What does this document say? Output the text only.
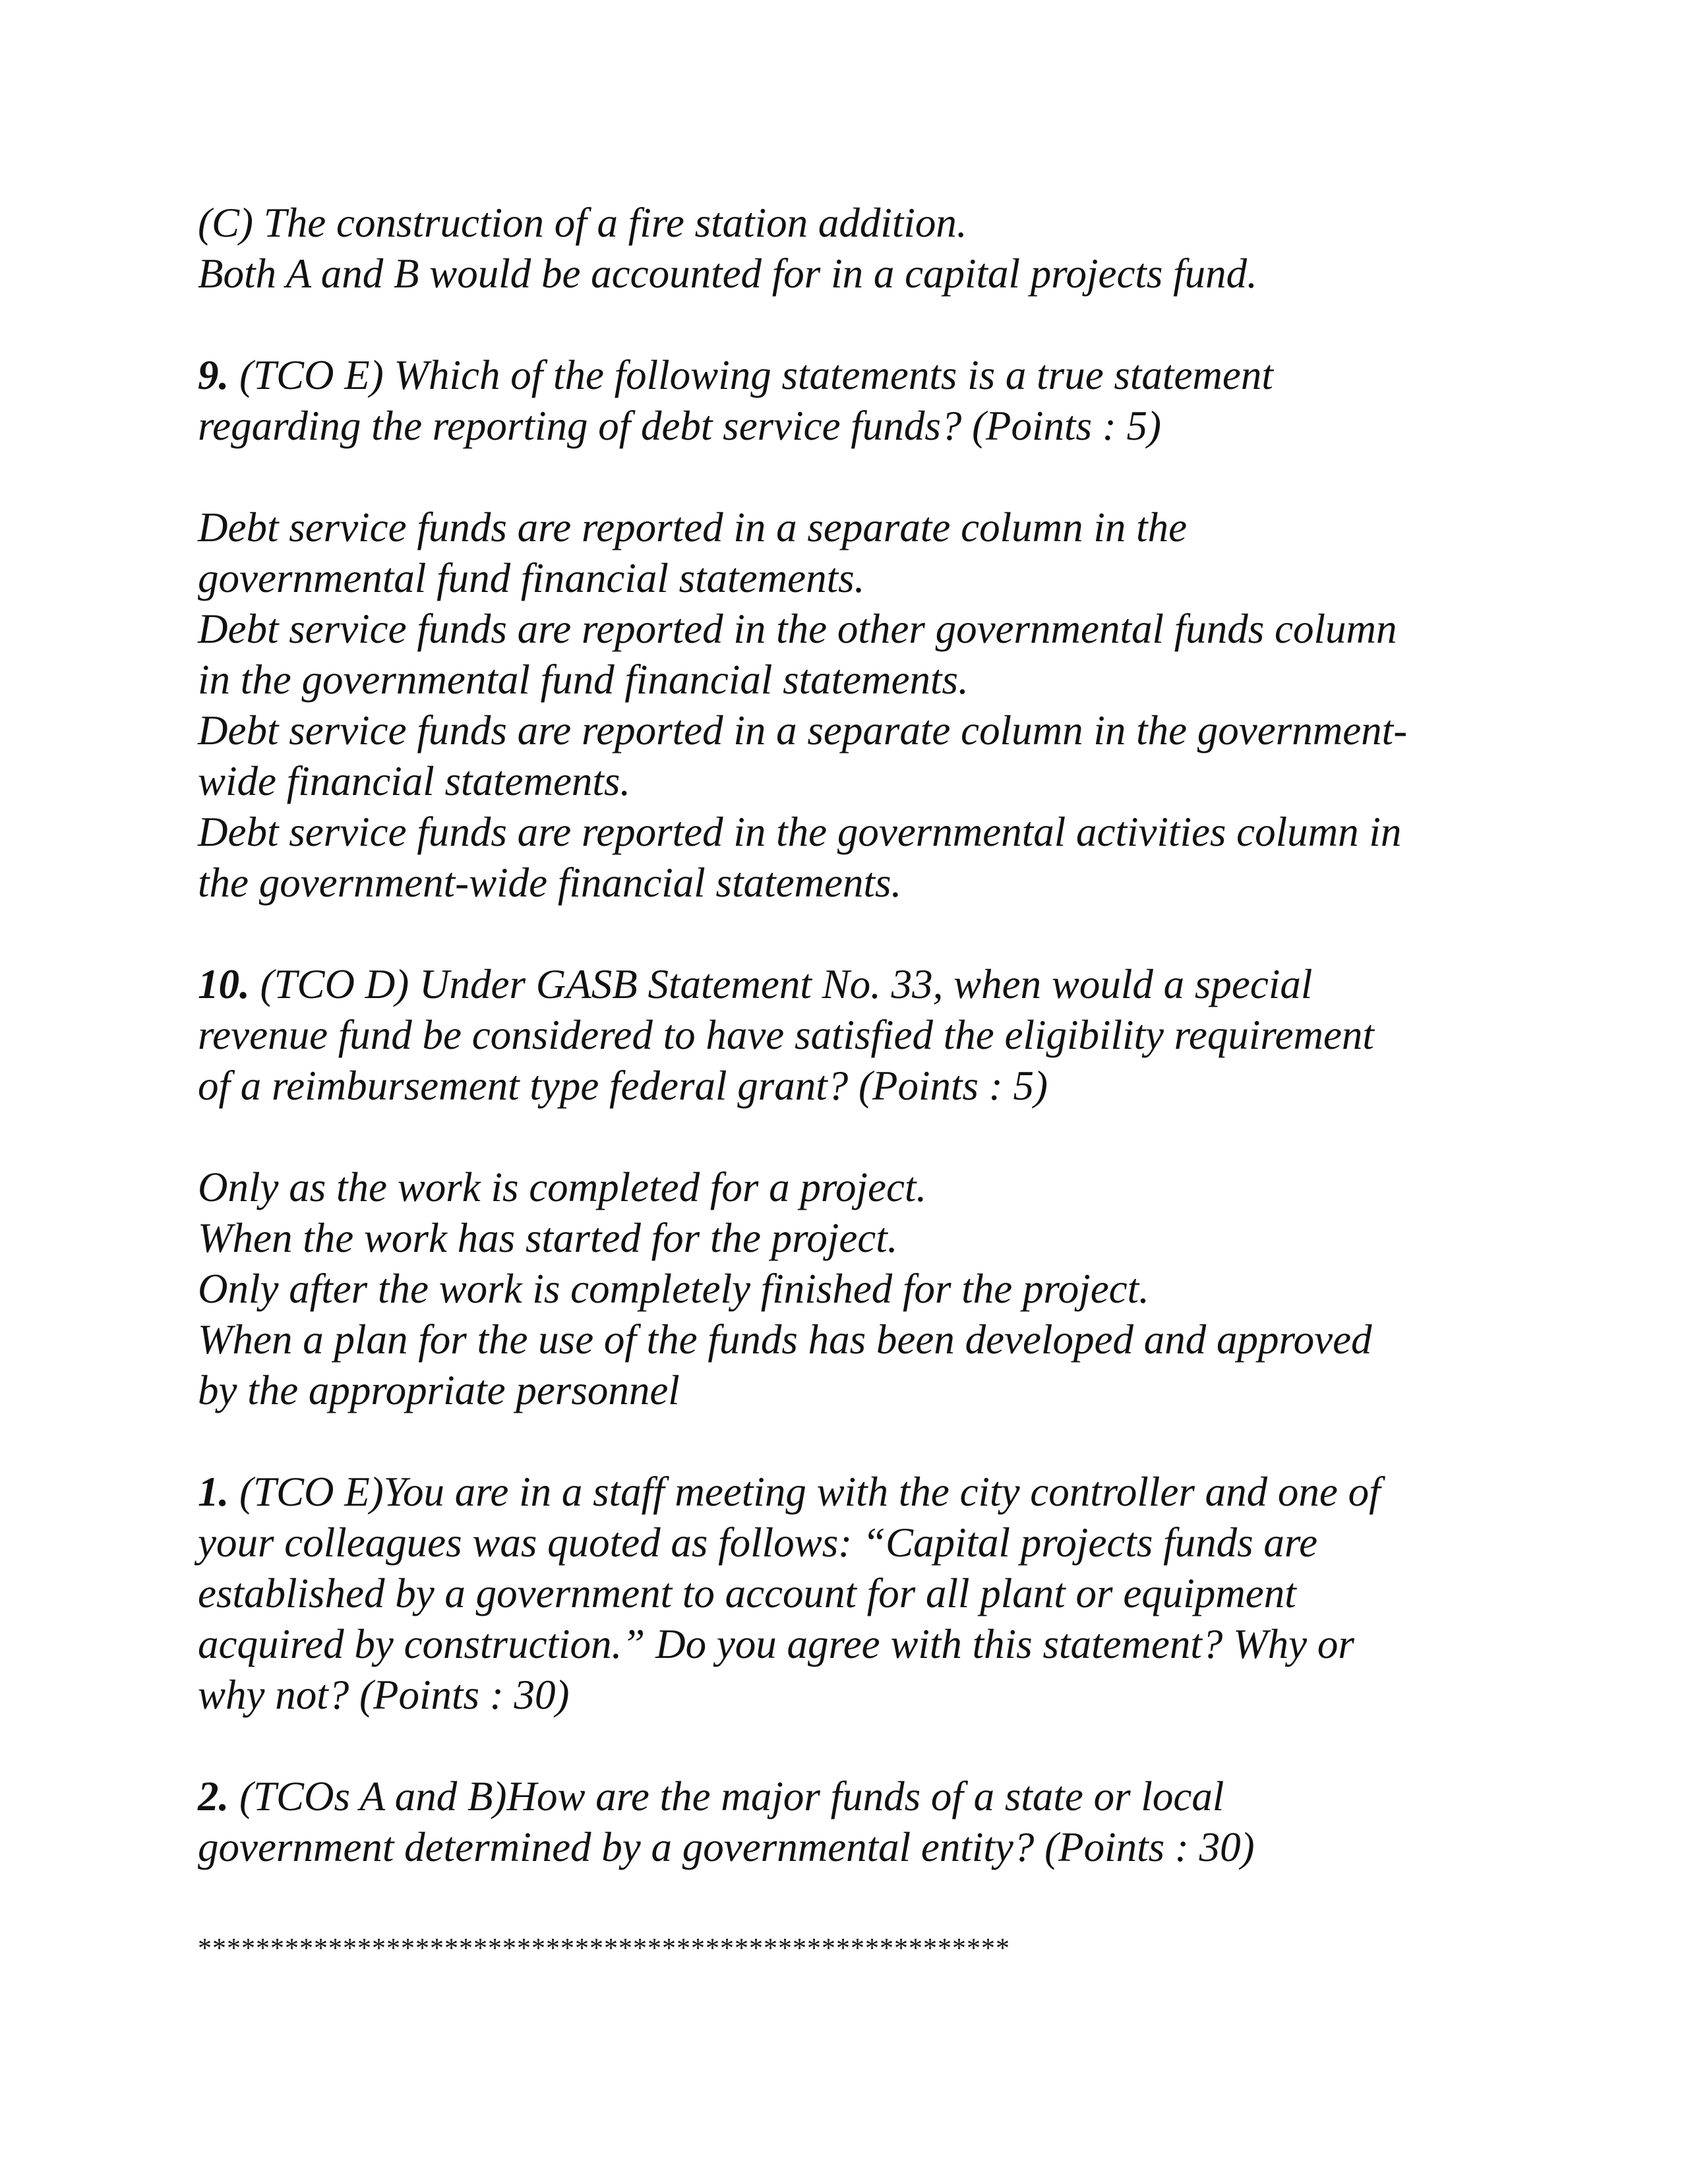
(C) The construction of a fire station addition.
Both A and B would be accounted for in a capital projects fund.
9. (TCO E) Which of the following statements is a true statement
regarding the reporting of debt service funds? (Points : 5)
Debt service funds are reported in a separate column in the
governmental fund financial statements.
Debt service funds are reported in the other governmental funds column
in the governmental fund financial statements.
Debt service funds are reported in a separate column in the government-
wide financial statements.
Debt service funds are reported in the governmental activities column in
the government-wide financial statements.
10. (TCO D) Under GASB Statement No. 33, when would a special
revenue fund be considered to have satisfied the eligibility requirement
of a reimbursement type federal grant? (Points : 5)
Only as the work is completed for a project.
When the work has started for the project.
Only after the work is completely finished for the project.
When a plan for the use of the funds has been developed and approved
by the appropriate personnel
1. (TCO E)You are in a staff meeting with the city controller and one of
your colleagues was quoted as follows: “Capital projects funds are
established by a government to account for all plant or equipment
acquired by construction.” Do you agree with this statement? Why or
why not? (Points : 30)
2. (TCOs A and B)How are the major funds of a state or local
government determined by a governmental entity? (Points : 30)
********************************************************
